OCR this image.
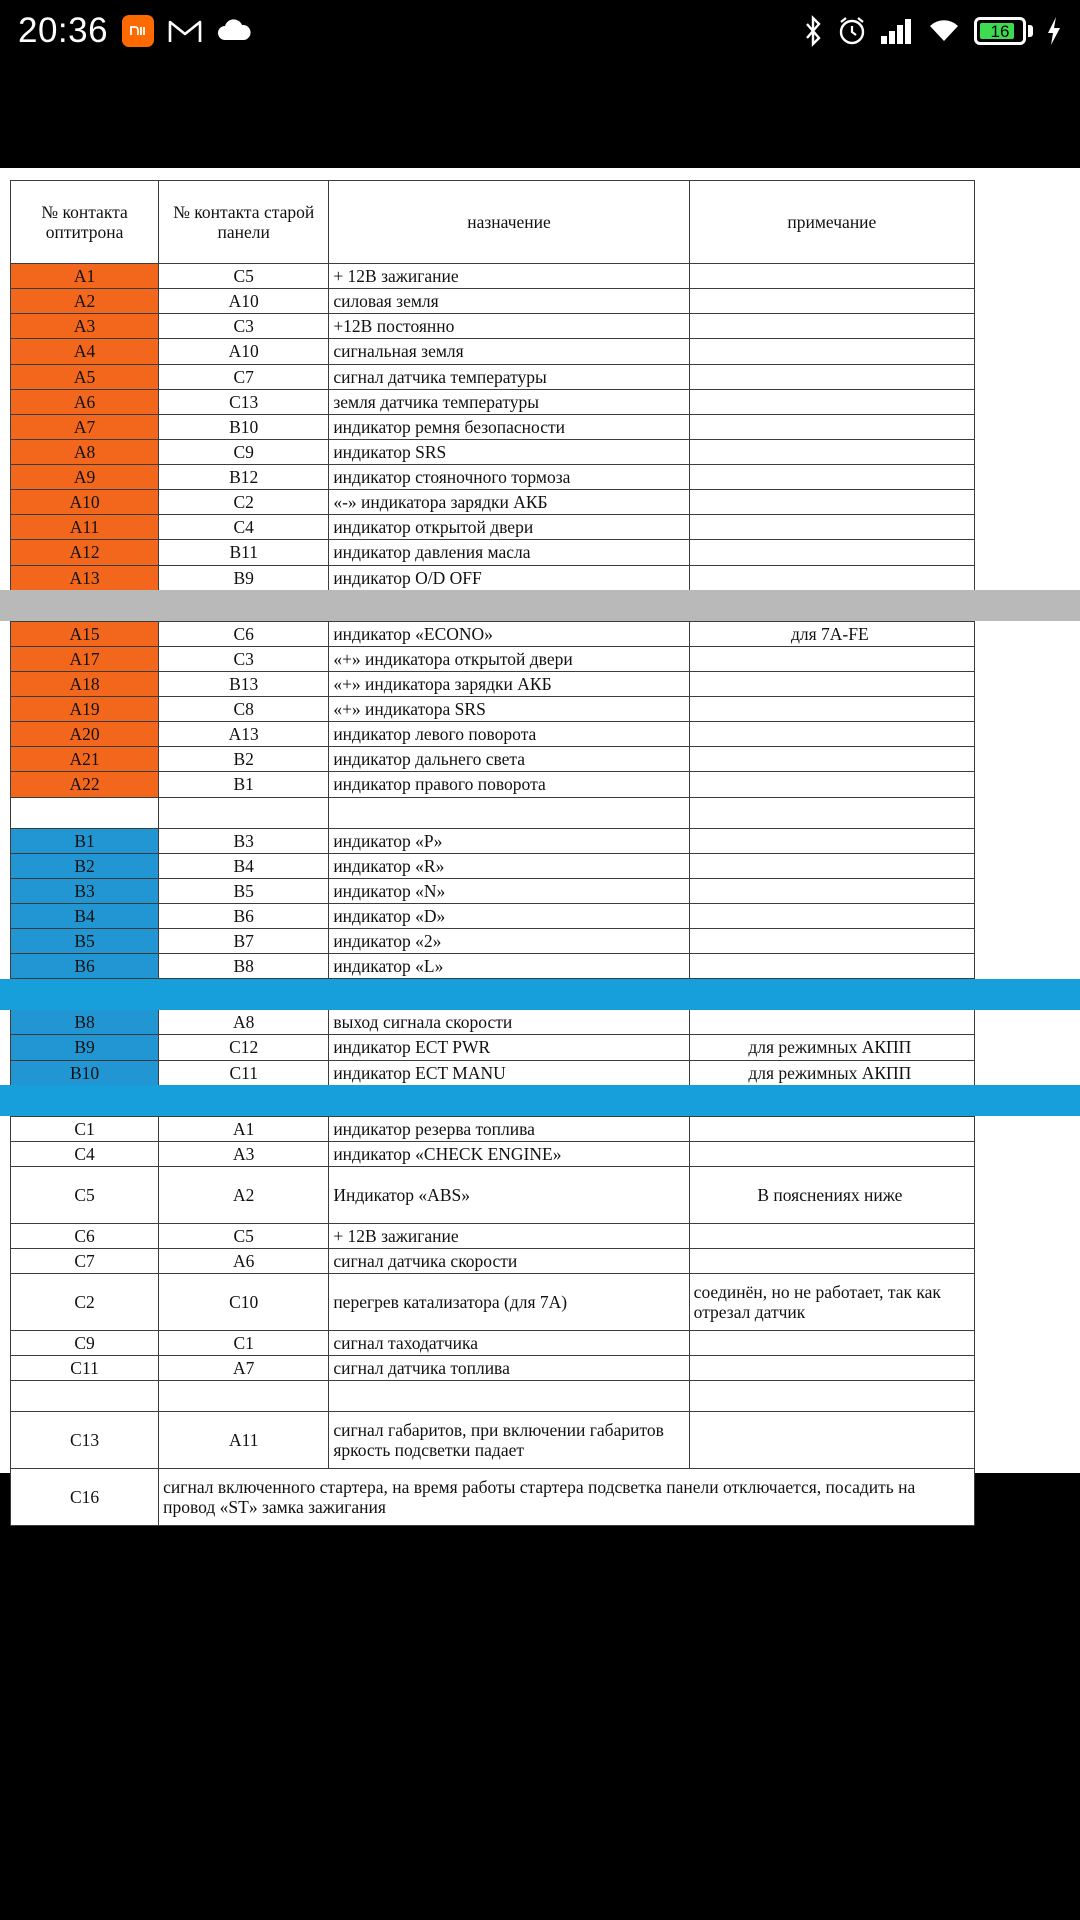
20:36	16
№ контакта оптитрона	№ контакта старой панели	назначение	примечание
A1	C5	+ 12В зажигание	
A2	A10	силовая земля	
A3	C3	+12В постоянно	
A4	A10	сигнальная земля	
A5	C7	сигнал датчика температуры	
A6	C13	земля датчика температуры	
A7	B10	индикатор ремня безопасности	
A8	C9	индикатор SRS	
A9	B12	индикатор стояночного тормоза	
A10	C2	«-» индикатора зарядки АКБ	
A11	C4	индикатор открытой двери	
A12	B11	индикатор давления масла	
A13	B9	индикатор O/D OFF	

A15	C6	индикатор «ECONO»	для 7A-FE
A17	C3	«+» индикатора открытой двери	
A18	B13	«+» индикатора зарядки АКБ	
A19	C8	«+» индикатора SRS	
A20	A13	индикатор левого поворота	
A21	B2	индикатор дальнего света	
A22	B1	индикатор правого поворота	

B1	B3	индикатор «P»	
B2	B4	индикатор «R»	
B3	B5	индикатор «N»	
B4	B6	индикатор «D»	
B5	B7	индикатор «2»	
B6	B8	индикатор «L»	

B8	A8	выход сигнала скорости	
B9	C12	индикатор ECT PWR	для режимных АКПП
B10	C11	индикатор ECT MANU	для режимных АКПП

C1	A1	индикатор резерва топлива	
C4	A3	индикатор «CHECK ENGINE»	
C5	A2	Индикатор «ABS»	В пояснениях ниже
C6	C5	+ 12В зажигание	
C7	A6	сигнал датчика скорости	
C2	C10	перегрев катализатора (для 7A)	соединён, но не работает, так как отрезал датчик
C9	C1	сигнал таходатчика	
C11	A7	сигнал датчика топлива	

C13	A11	сигнал габаритов, при включении габаритов яркость подсветки падает	
C16	сигнал включенного стартера, на время работы стартера подсветка панели отключается, посадить на провод «ST» замка зажигания		
